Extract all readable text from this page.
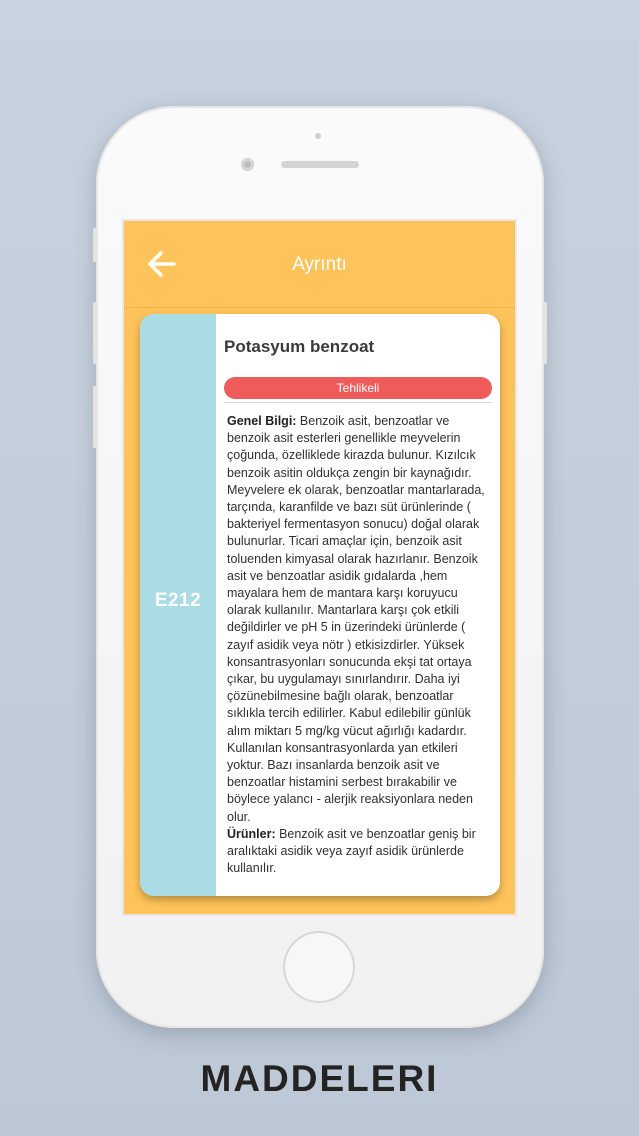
Ayrıntı
E212
Potasyum benzoat
Tehlikeli
Genel Bilgi: Benzoik asit, benzoatlar ve benzoik asit esterleri genellikle meyvelerin çoğunda, özelliklede kirazda bulunur. Kızılcık benzoik asitin oldukça zengin bir kaynağıdır. Meyvelere ek olarak, benzoatlar mantarlarada, tarçında, karanfilde ve bazı süt ürünlerinde ( bakteriyel fermentasyon sonucu) doğal olarak bulunurlar. Ticari amaçlar için, benzoik asit toluenden kimyasal olarak hazırlanır. Benzoik asit ve benzoatlar asidik gıdalarda ,hem mayalara hem de mantara karşı koruyucu olarak kullanılır. Mantarlara karşı çok etkili değildirler ve pH 5 in üzerindeki ürünlerde ( zayıf asidik veya nötr ) etkisizdirler. Yüksek konsantrasyonları sonucunda ekşi tat ortaya çıkar, bu uygulamayı sınırlandırır. Daha iyi çözünebilmesine bağlı olarak, benzoatlar sıklıkla tercih edilirler. Kabul edilebilir günlük alım miktarı 5 mg/kg vücut ağırlığı kadardır. Kullanılan konsantrasyonlarda yan etkileri yoktur. Bazı insanlarda benzoik asit ve benzoatlar histamini serbest bırakabilir ve böylece yalancı - alerjik reaksiyonlara neden olur.
Ürünler: Benzoik asit ve benzoatlar geniş bir aralıktaki asidik veya zayıf asidik ürünlerde kullanılır.
MADDELERI
